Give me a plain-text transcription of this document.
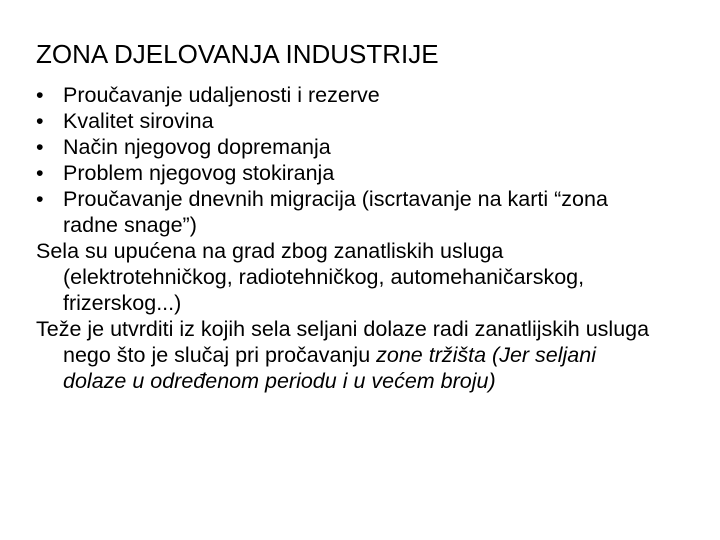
ZONA DJELOVANJA INDUSTRIJE
• Proučavanje udaljenosti i rezerve
• Kvalitet sirovina
• Način njegovog dopremanja
• Problem njegovog stokiranja
• Proučavanje dnevnih migracija (iscrtavanje na karti “zona radne snage”)
Sela su upućena na grad zbog zanatliskih usluga (elektrotehničkog, radiotehničkog, automehaničarskog, frizerskog...)
Teže je utvrditi iz kojih sela seljani dolaze radi zanatlijskih usluga nego što je slučaj pri pročavanju zone tržišta (Jer seljani dolaze u određenom periodu i u većem broju)
